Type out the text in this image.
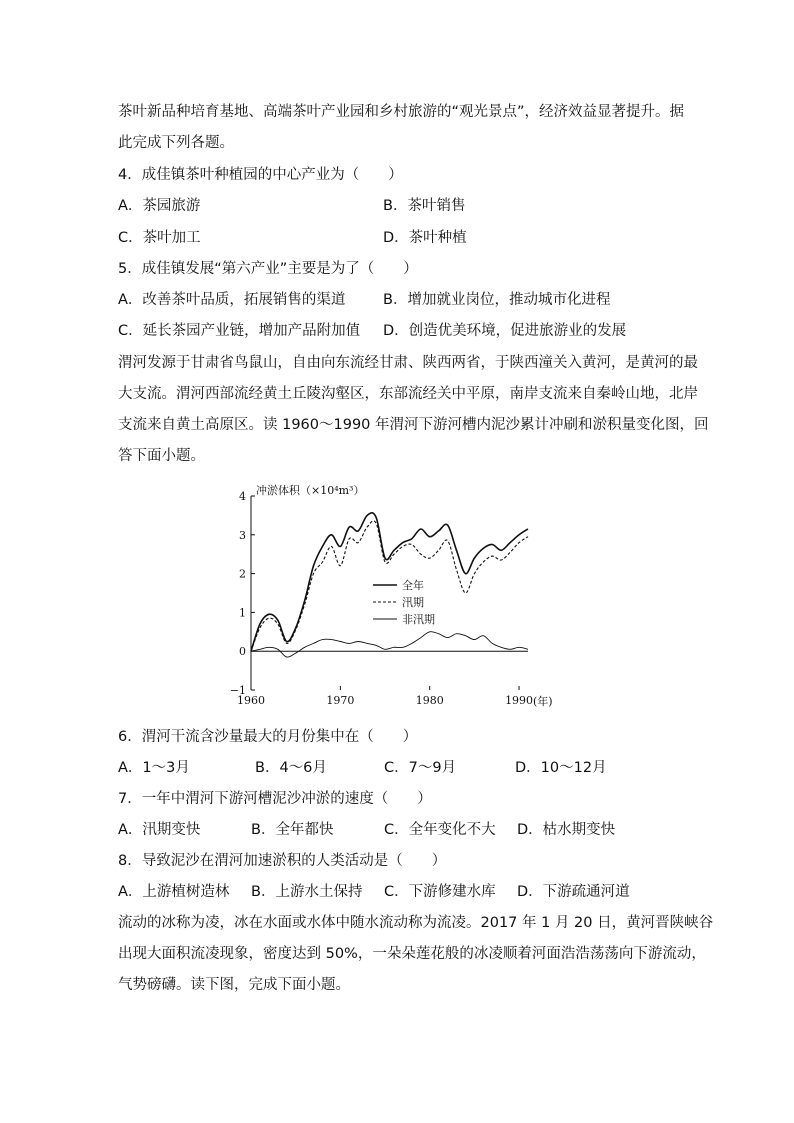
茶叶新品种培育基地、高端茶叶产业园和乡村旅游的“观光景点”，经济效益显著提升。据
此完成下列各题。
4．成佳镇茶叶种植园的中心产业为（　　）
A．茶园旅游	B．茶叶销售
C．茶叶加工	D．茶叶种植
5．成佳镇发展“第六产业”主要是为了（　　）
A．改善茶叶品质，拓展销售的渠道	B．增加就业岗位，推动城市化进程
C．延长茶园产业链，增加产品附加值 D．创造优美环境，促进旅游业的发展
渭河发源于甘肃省鸟鼠山，自由向东流经甘肃、陕西两省，于陕西潼关入黄河，是黄河的最
大支流。渭河西部流经黄土丘陵沟壑区，东部流经关中平原，南岸支流来自秦岭山地，北岸
支流来自黄土高原区。读 1960～1990 年渭河下游河槽内泥沙累计冲刷和淤积量变化图，回
答下面小题。
4
3
2
1
0
−1
1960	1970	1980	1990
全年
汛期
非汛期
冲淤体积（×10⁴m³）
(年)
6．渭河干流含沙量最大的月份集中在（　　）
A．1～3月	B．4～6月	C．7～9月	D．10～12月
7．一年中渭河下游河槽泥沙冲淤的速度（　　）
A．汛期变快	B．全年都快	C．全年变化不大 D．枯水期变快
8．导致泥沙在渭河加速淤积的人类活动是（　　）
A．上游植树造林 B．上游水土保持 C．下游修建水库 D．下游疏通河道
流动的冰称为凌，冰在水面或水体中随水流动称为流凌。2017 年 1 月 20 日，黄河晋陕峡谷
出现大面积流凌现象，密度达到 50%，一朵朵莲花般的冰凌顺着河面浩浩荡荡向下游流动，
气势磅礴。读下图，完成下面小题。
